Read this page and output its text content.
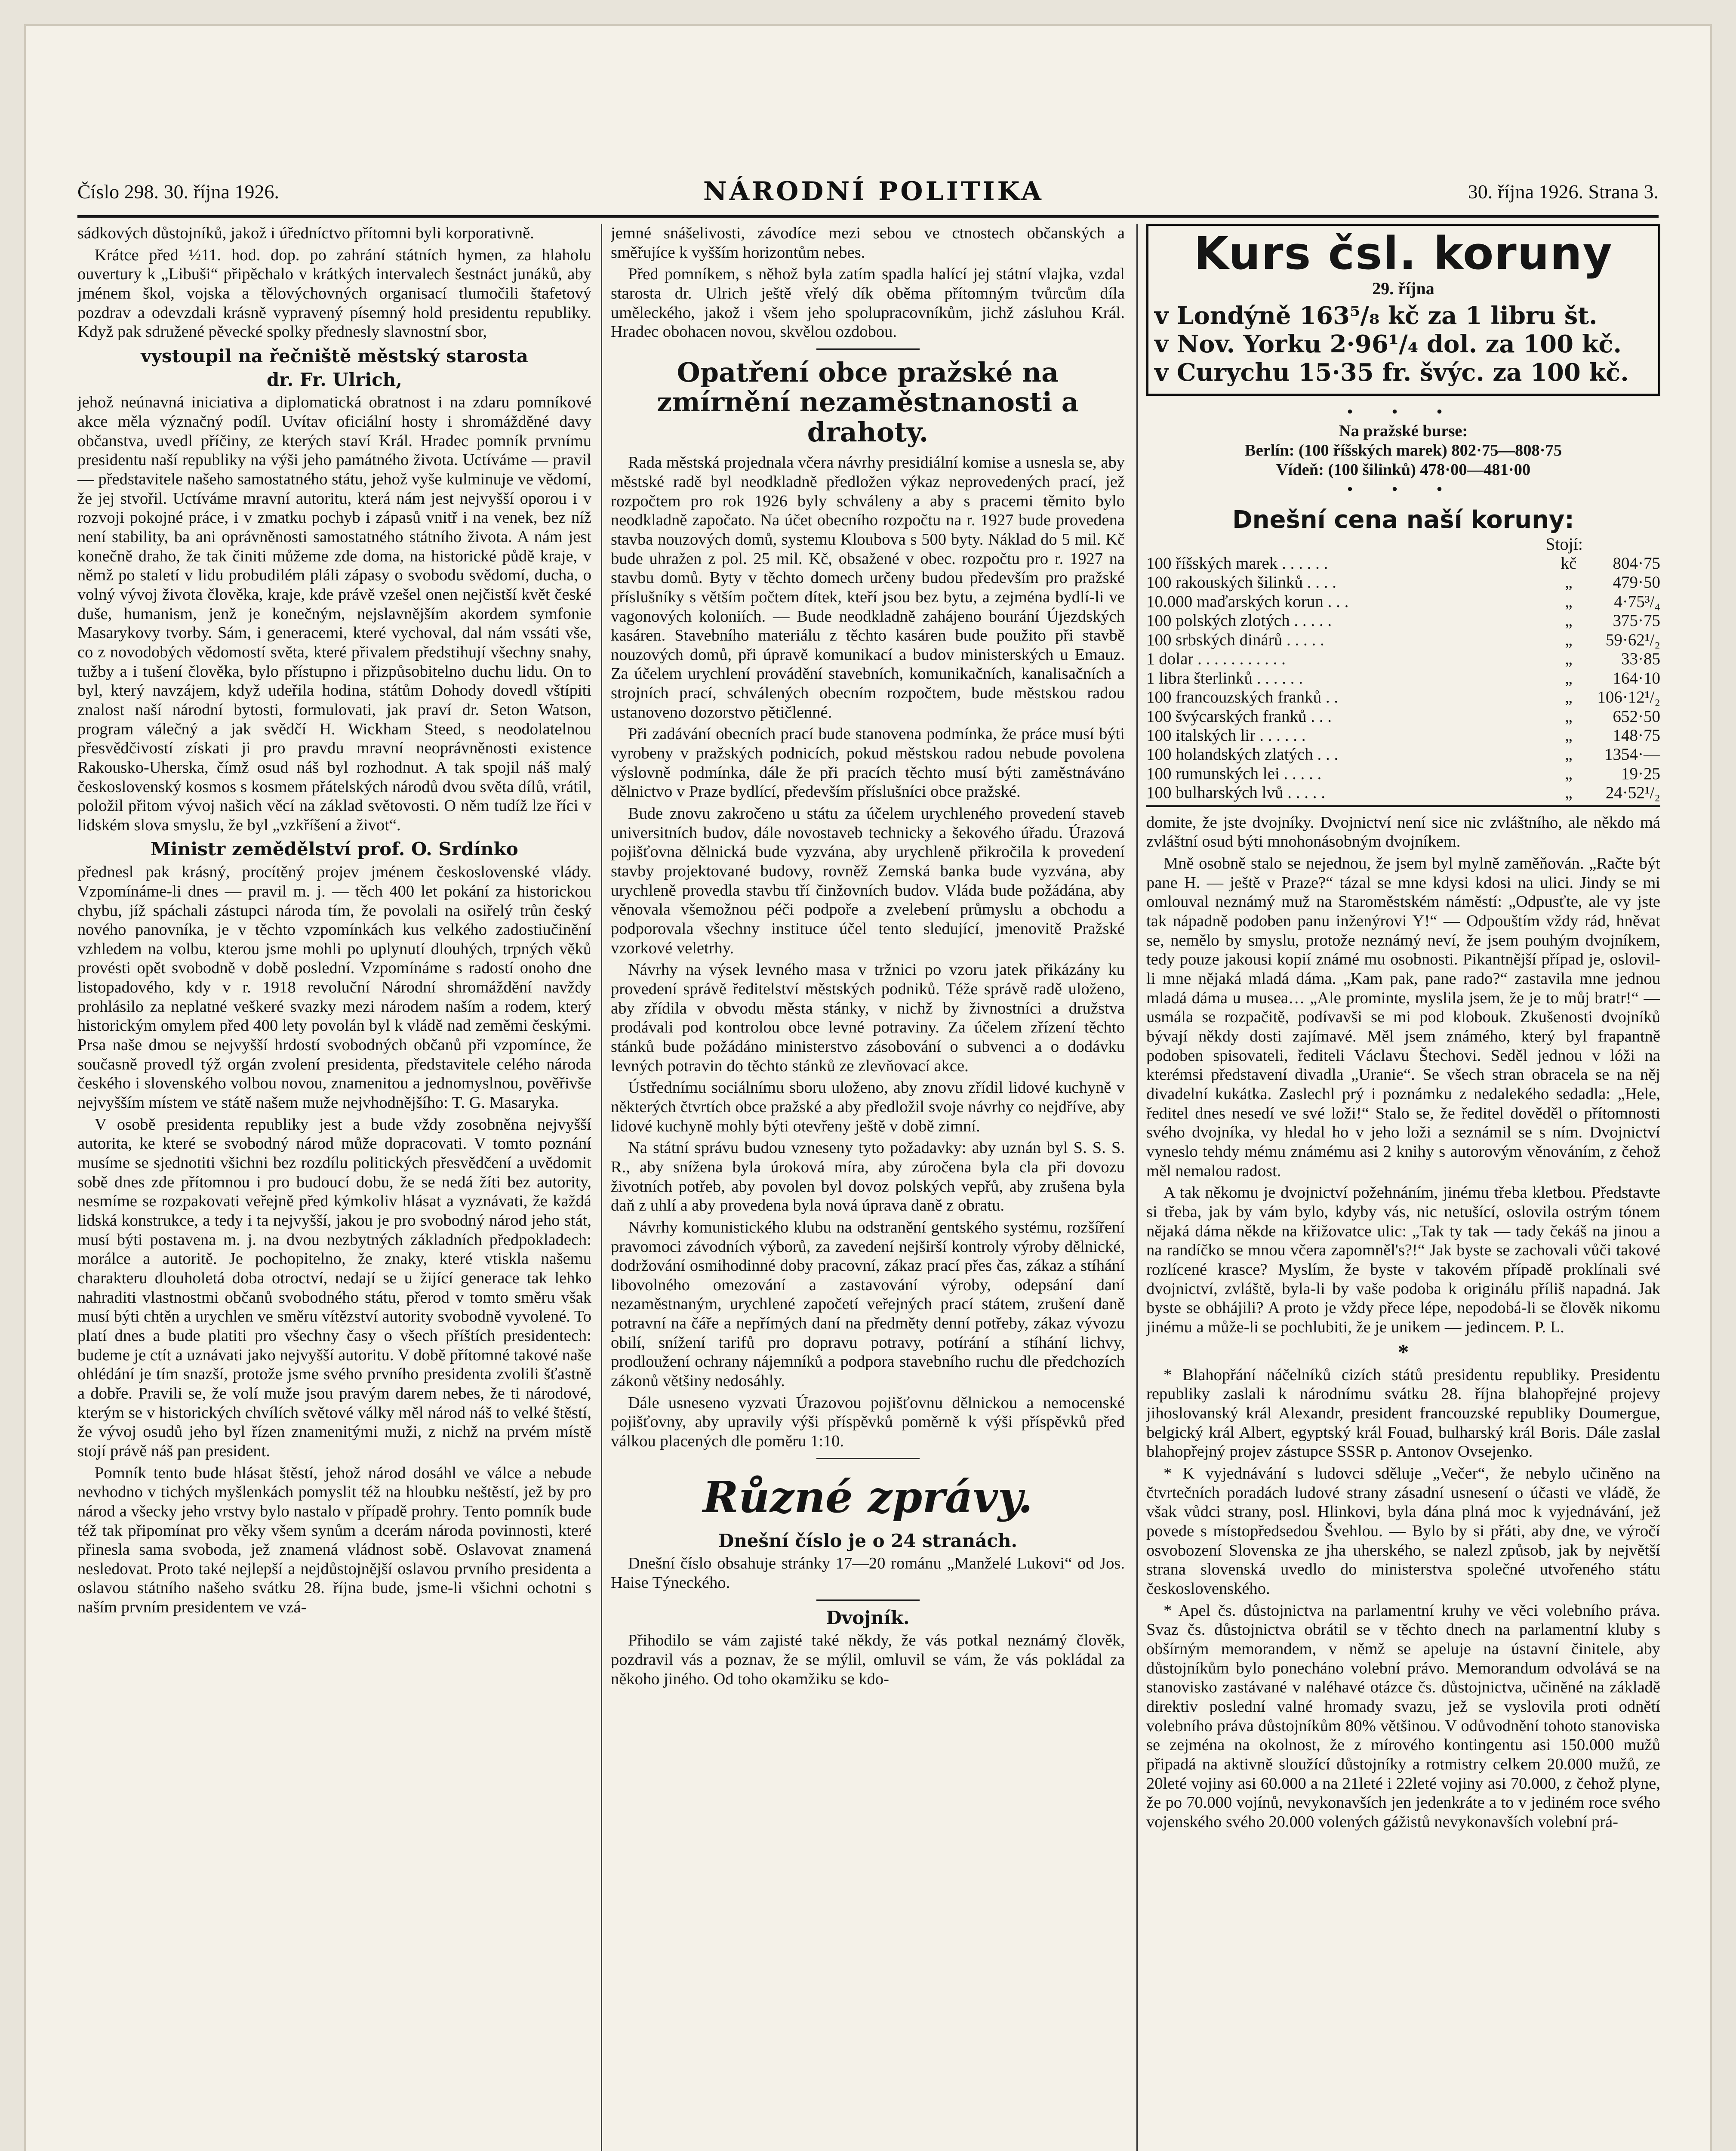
Číslo 298. 30. října 1926.	NÁRODNÍ POLITIKA	30. října 1926. Strana 3.

sádkových důstojníků, jakož i úředníctvo přítomni byli korporativně.

Krátce před ½11. hod. dop. po zahrání státních hymen, za hlaholu ouvertury k „Libuši“ připěchalo v krátkých intervalech šestnáct junáků, aby jménem škol, vojska a tělovýchovných organisací tlumočili štafetový pozdrav a odevzdali krásně vypravený písemný hold presidentu republiky. Když pak sdružené pěvecké spolky přednesly slavnostní sbor,

vystoupil na řečniště městský starosta
dr. Fr. Ulrich,

jehož neúnavná iniciativa a diplomatická obratnost i na zdaru pomníkové akce měla význačný podíl. Uvítav oficiální hosty i shromážděné davy občanstva, uvedl příčiny, ze kterých staví Král. Hradec pomník prvnímu presidentu naší republiky na výši jeho památného života. Uctíváme — pravil — představitele našeho samostatného státu, jehož vyše kulminuje ve vědomí, že jej stvořil. Uctíváme mravní autoritu, která nám jest nejvyšší oporou i v rozvoji pokojné práce, i v zmatku pochyb i zápasů vnitř i na venek, bez níž není stability, ba ani oprávněnosti samostatného státního života. A nám jest konečně draho, že tak činiti můžeme zde doma, na historické půdě kraje, v němž po staletí v lidu probudilém pláli zápasy o svobodu svědomí, ducha, o volný vývoj života člověka, kraje, kde právě vzešel onen nejčistší květ české duše, humanism, jenž je konečným, nejslavnějším akordem symfonie Masarykovy tvorby. Sám, i generacemi, které vychoval, dal nám vssáti vše, co z novodobých vědomostí světa, které přivalem předstihují všechny snahy, tužby a i tušení člověka, bylo přístupno i přizpůsobitelno duchu lidu. On to byl, který navzájem, když udeřila hodina, státům Dohody dovedl vštípiti znalost naší národní bytosti, formulovati, jak praví dr. Seton Watson, program válečný a jak svědčí H. Wickham Steed, s neodolatelnou přesvědčivostí získati ji pro pravdu mravní neoprávněnosti existence Rakousko-Uherska, čímž osud náš byl rozhodnut. A tak spojil náš malý československý kosmos s kosmem přátelských národů dvou světa dílů, vrátil, položil přitom vývoj našich věcí na základ světovosti. O něm tudíž lze říci v lidském slova smyslu, že byl „vzkříšení a život“.

Ministr zemědělství prof. O. Srdínko

přednesl pak krásný, procítěný projev jménem československé vlády. Vzpomínáme-li dnes — pravil m. j. — těch 400 let pokání za historickou chybu, jíž spáchali zástupci národa tím, že povolali na osiřelý trůn český nového panovníka, je v těchto vzpomínkách kus velkého zadostiučinění vzhledem na volbu, kterou jsme mohli po uplynutí dlouhých, trpných věků provésti opět svobodně v době poslední. Vzpomínáme s radostí onoho dne listopadového, kdy v r. 1918 revoluční Národní shromáždění navždy prohlásilo za neplatné veškeré svazky mezi národem naším a rodem, který historickým omylem před 400 lety povolán byl k vládě nad zeměmi českými. Prsa naše dmou se nejvyšší hrdostí svobodných občanů při vzpomínce, že současně provedl týž orgán zvolení presidenta, představitele celého národa českého i slovenského volbou novou, znamenitou a jednomyslnou, pověřivše nejvyšším místem ve státě našem muže nejvhodnějšího: T. G. Masaryka.

V osobě presidenta republiky jest a bude vždy zosobněna nejvyšší autorita, ke které se svobodný národ může dopracovati. V tomto poznání musíme se sjednotiti všichni bez rozdílu politických přesvědčení a uvědomit sobě dnes zde přítomnou i pro budoucí dobu, že se nedá žíti bez autority, nesmíme se rozpakovati veřejně před kýmkoliv hlásat a vyznávati, že každá lidská konstrukce, a tedy i ta nejvyšší, jakou je pro svobodný národ jeho stát, musí býti postavena m. j. na dvou nezbytných základních předpokladech: morálce a autoritě. Je pochopitelno, že znaky, které vtiskla našemu charakteru dlouholetá doba otroctví, nedají se u žijící generace tak lehko nahraditi vlastnostmi občanů svobodného státu, přerod v tomto směru však musí býti chtěn a urychlen ve směru vítězství autority svobodně vyvolené. To platí dnes a bude platiti pro všechny časy o všech příštích presidentech: budeme je ctít a uznávati jako nejvyšší autoritu. V době přítomné takové naše ohlédání je tím snazší, protože jsme svého prvního presidenta zvolili šťastně a dobře. Pravili se, že volí muže jsou pravým darem nebes, že ti národové, kterým se v historických chvílích světové války měl národ náš to velké štěstí, že vývoj osudů jeho byl řízen znamenitými muži, z nichž na prvém místě stojí právě náš pan president.

Pomník tento bude hlásat štěstí, jehož národ dosáhl ve válce a nebude nevhodno v tichých myšlenkách pomyslit též na hloubku neštěstí, jež by pro národ a všecky jeho vrstvy bylo nastalo v případě prohry. Tento pomník bude též tak připomínat pro věky všem synům a dcerám národa povinnosti, které přinesla sama svoboda, jež znamená vládnost sobě. Oslavovat znamená nesledovat. Proto také nejlepší a nejdůstojnější oslavou prvního presidenta a oslavou státního našeho svátku 28. října bude, jsme-li všichni ochotni s naším prvním presidentem ve vzá-

jemné snášelivosti, závodíce mezi sebou ve ctnostech občanských a směřujíce k vyšším horizontům nebes.

Před pomníkem, s něhož byla zatím spadla halící jej státní vlajka, vzdal starosta dr. Ulrich ještě vřelý dík oběma přítomným tvůrcům díla uměleckého, jakož i všem jeho spolupracovníkům, jichž zásluhou Král. Hradec obohacen novou, skvělou ozdobou.

Opatření obce pražské na zmírnění nezaměstnanosti a drahoty.

Rada městská projednala včera návrhy presidiální komise a usnesla se, aby městské radě byl neodkladně předložen výkaz neprovedených prací, jež rozpočtem pro rok 1926 byly schváleny a aby s pracemi těmito bylo neodkladně započato. Na účet obecního rozpočtu na r. 1927 bude provedena stavba nouzových domů, systemu Kloubova s 500 byty. Náklad do 5 mil. Kč bude uhražen z pol. 25 mil. Kč, obsažené v obec. rozpočtu pro r. 1927 na stavbu domů. Byty v těchto domech určeny budou především pro pražské příslušníky s větším počtem dítek, kteří jsou bez bytu, a zejména bydlí-li ve vagonových koloniích. — Bude neodkladně zahájeno bourání Újezdských kasáren. Stavebního materiálu z těchto kasáren bude použito při stavbě nouzových domů, při úpravě komunikací a budov ministerských u Emauz. Za účelem urychlení provádění stavebních, komunikačních, kanalisačních a strojních prací, schválených obecním rozpočtem, bude městskou radou ustanoveno dozorstvo pětičlenné.

Při zadávání obecních prací bude stanovena podmínka, že práce musí býti vyrobeny v pražských podnicích, pokud městskou radou nebude povolena výslovně podmínka, dále že při pracích těchto musí býti zaměstnáváno dělnictvo v Praze bydlící, především příslušníci obce pražské.

Bude znovu zakročeno u státu za účelem urychleného provedení staveb universitních budov, dále novostaveb technicky a šekového úřadu. Úrazová pojišťovna dělnická bude vyzvána, aby urychleně přikročila k provedení stavby projektované budovy, rovněž Zemská banka bude vyzvána, aby urychleně provedla stavbu tří činžovních budov. Vláda bude požádána, aby věnovala všemožnou péči podpoře a zvelebení průmyslu a obchodu a podporovala všechny instituce účel tento sledující, jmenovitě Pražské vzorkové veletrhy.

Návrhy na výsek levného masa v tržnici po vzoru jatek přikázány ku provedení správě ředitelství městských podniků. Téže správě radě uloženo, aby zřídila v obvodu města stánky, v nichž by živnostníci a družstva prodávali pod kontrolou obce levné potraviny. Za účelem zřízení těchto stánků bude požádáno ministerstvo zásobování o subvenci a o dodávku levných potravin do těchto stánků ze zlevňovací akce.

Ústřednímu sociálnímu sboru uloženo, aby znovu zřídil lidové kuchyně v některých čtvrtích obce pražské a aby předložil svoje návrhy co nejdříve, aby lidové kuchyně mohly býti otevřeny ještě v době zimní.

Na státní správu budou vzneseny tyto požadavky: aby uznán byl S. S. S. R., aby snížena byla úroková míra, aby zúročena byla cla při dovozu životních potřeb, aby povolen byl dovoz polských vepřů, aby zrušena byla daň z uhlí a aby provedena byla nová úprava daně z obratu.

Návrhy komunistického klubu na odstranění gentského systému, rozšíření pravomoci závodních výborů, za zavedení nejširší kontroly výroby dělnické, dodržování osmihodinné doby pracovní, zákaz prací přes čas, zákaz a stíhání libovolného omezování a zastavování výroby, odepsání daní nezaměstnaným, urychlené započetí veřejných prací státem, zrušení daně potravní na čáře a nepřímých daní na předměty denní potřeby, zákaz vývozu obilí, snížení tarifů pro dopravu potravy, potírání a stíhání lichvy, prodloužení ochrany nájemníků a podpora stavebního ruchu dle předchozích zákonů většiny nedosáhly.

Dále usneseno vyzvati Úrazovou pojišťovnu dělnickou a nemocenské pojišťovny, aby upravily výši příspěvků poměrně k výši příspěvků před válkou placených dle poměru 1:10.

Různé zprávy.
Dnešní číslo je o 24 stranách.

Dnešní číslo obsahuje stránky 17—20 románu „Manželé Lukovi“ od Jos. Haise Týneckého.

Dvojník.

Přihodilo se vám zajisté také někdy, že vás potkal neznámý člověk, pozdravil vás a poznav, že se mýlil, omluvil se vám, že vás pokládal za někoho jiného. Od toho okamžiku se kdo-

Kurs čsl. koruny
29. října
v Londýně 163⁵/₈ kč za 1 libru št.
v Nov. Yorku 2·96¹/₄ dol. za 100 kč.
v Curychu 15·35 fr. švýc. za 100 kč.
• • •
Na pražské burse:
Berlín: (100 říšských marek) 802·75—808·75
Vídeň: (100 šilinků) 478·00—481·00
• • •
Dnešní cena naší koruny:
Stojí:
100 říšských marek . . . . . .	kč	804·75
100 rakouských šilinků . . . .	„	479·50
10.000 maďarských korun . . .	„	4·75³/₄
100 polských zlotých . . . . .	„	375·75
100 srbských dinárů . . . . .	„	59·62¹/₂
1 dolar . . . . . . . . . . .	„	33·85
1 libra šterlinků . . . . . .	„	164·10
100 francouzských franků . .	„	106·12¹/₂
100 švýcarských franků . . .	„	652·50
100 italských lir . . . . . .	„	148·75
100 holandských zlatých . . .	„	1354·—
100 rumunských lei . . . . .	„	19·25
100 bulharských lvů . . . . .	„	24·52¹/₂

domite, že jste dvojníky. Dvojnictví není sice nic zvláštního, ale někdo má zvláštní osud býti mnohonásobným dvojníkem.

Mně osobně stalo se nejednou, že jsem byl mylně zaměňován. „Račte být pane H. — ještě v Praze?“ tázal se mne kdysi kdosi na ulici. Jindy se mi omlouval neznámý muž na Staroměstském náměstí: „Odpusťte, ale vy jste tak nápadně podoben panu inženýrovi Y!“ — Odpouštím vždy rád, hněvat se, nemělo by smyslu, protože neznámý neví, že jsem pouhým dvojníkem, tedy pouze jakousi kopií známé mu osobnosti. Pikantnější případ je, oslovil-li mne nějaká mladá dáma. „Kam pak, pane rado?“ zastavila mne jednou mladá dáma u musea… „Ale prominte, myslila jsem, že je to můj bratr!“ — usmála se rozpačitě, podívavši se mi pod klobouk. Zkušenosti dvojníků bývají někdy dosti zajímavé. Měl jsem známého, který byl frapantně podoben spisovateli, řediteli Václavu Štechovi. Seděl jednou v lóži na kterémsi představení divadla „Uranie“. Se všech stran obracela se na něj divadelní kukátka. Zaslechl prý i poznámku z nedalekého sedadla: „Hele, ředitel dnes nesedí ve své loži!“ Stalo se, že ředitel dověděl o přítomnosti svého dvojníka, vy hledal ho v jeho loži a seznámil se s ním. Dvojnictví vyneslo tehdy mému známému asi 2 knihy s autorovým věnováním, z čehož měl nemalou radost.

A tak někomu je dvojnictví požehnáním, jinému třeba kletbou. Představte si třeba, jak by vám bylo, kdyby vás, nic netušící, oslovila ostrým tónem nějaká dáma někde na křižovatce ulic: „Tak ty tak — tady čekáš na jinou a na randíčko se mnou včera zapomněl's?!“ Jak byste se zachovali vůči takové rozlícené krasce? Myslím, že byste v takovém případě proklínali své dvojnictví, zvláště, byla-li by vaše podoba k originálu příliš napadná. Jak byste se obhájili? A proto je vždy přece lépe, nepodobá-li se člověk nikomu jinému a může-li se pochlubiti, že je unikem — jedincem. P. L.

*

* Blahopřání náčelníků cizích států presidentu republiky. Presidentu republiky zaslali k národnímu svátku 28. října blahopřejné projevy jihoslovanský král Alexandr, president francouzské republiky Doumergue, belgický král Albert, egyptský král Fouad, bulharský král Boris. Dále zaslal blahopřejný projev zástupce SSSR p. Antonov Ovsejenko.

* K vyjednávání s ludovci sděluje „Večer“, že nebylo učiněno na čtvrtečních poradách ludové strany zásadní usnesení o účasti ve vládě, že však vůdci strany, posl. Hlinkovi, byla dána plná moc k vyjednávání, jež povede s místopředsedou Švehlou. — Bylo by si přáti, aby dne, ve výročí osvobození Slovenska ze jha uherského, se nalezl způsob, jak by největší strana slovenská uvedlo do ministerstva společné utvořeného státu československého.

* Apel čs. důstojnictva na parlamentní kruhy ve věci volebního práva. Svaz čs. důstojnictva obrátil se v těchto dnech na parlamentní kluby s obšírným memorandem, v němž se apeluje na ústavní činitele, aby důstojníkům bylo ponecháno volební právo. Memorandum odvolává se na stanovisko zastávané v naléhavé otázce čs. důstojnictva, učiněné na základě direktiv poslední valné hromady svazu, jež se vyslovila proti odnětí volebního práva důstojníkům 80% většinou. V odůvodnění tohoto stanoviska se zejména na okolnost, že z mírového kontingentu asi 150.000 mužů připadá na aktivně sloužící důstojníky a rotmistry celkem 20.000 mužů, ze 20leté vojiny asi 60.000 a na 21leté i 22leté vojiny asi 70.000, z čehož plyne, že po 70.000 vojínů, nevykonavších jen jedenkráte a to v jediném roce svého vojenského svého 20.000 volených gážistů nevykonavších volební prá-
